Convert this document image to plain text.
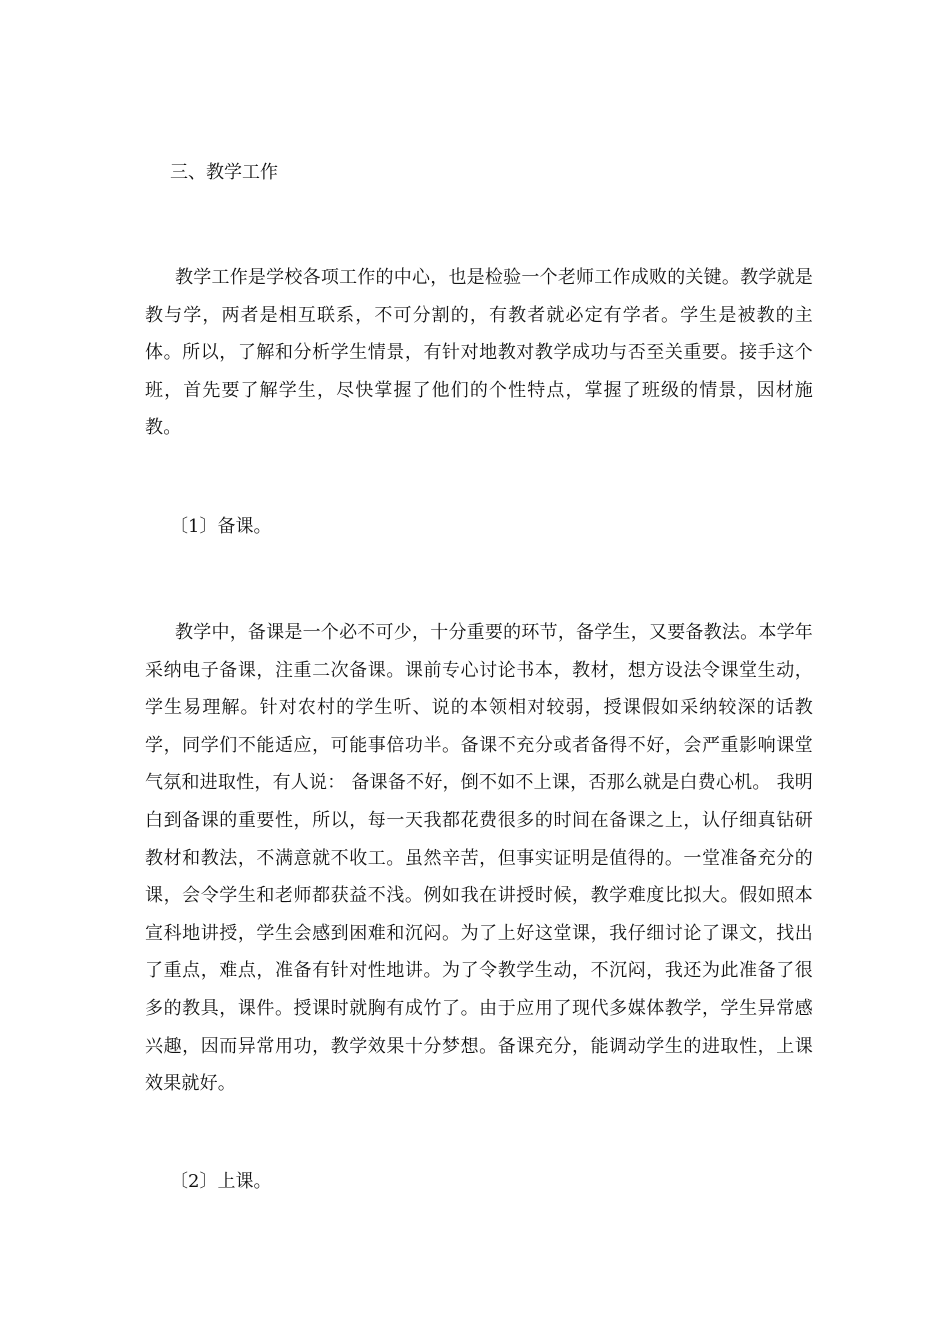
三、教学工作

教学工作是学校各项工作的中心，也是检验一个老师工作成败的关键。教学就是教与学，两者是相互联系，不可分割的，有教者就必定有学者。学生是被教的主体。所以，了解和分析学生情景，有针对地教对教学成功与否至关重要。接手这个班，首先要了解学生，尽快掌握了他们的个性特点，掌握了班级的情景，因材施教。

〔1〕备课。

教学中，备课是一个必不可少，十分重要的环节，备学生，又要备教法。本学年采纳电子备课，注重二次备课。课前专心讨论书本，教材，想方设法令课堂生动，学生易理解。针对农村的学生听、说的本领相对较弱，授课假如采纳较深的话教学，同学们不能适应，可能事倍功半。备课不充分或者备得不好，会严重影响课堂气氛和进取性，有人说： 备课备不好，倒不如不上课，否那么就是白费心机。 我明白到备课的重要性，所以，每一天我都花费很多的时间在备课之上，认仔细真钻研教材和教法，不满意就不收工。虽然辛苦，但事实证明是值得的。一堂准备充分的课，会令学生和老师都获益不浅。例如我在讲授时候，教学难度比拟大。假如照本宣科地讲授，学生会感到困难和沉闷。为了上好这堂课，我仔细讨论了课文，找出了重点，难点，准备有针对性地讲。为了令教学生动，不沉闷，我还为此准备了很多的教具，课件。授课时就胸有成竹了。由于应用了现代多媒体教学，学生异常感兴趣，因而异常用功，教学效果十分梦想。备课充分，能调动学生的进取性，上课效果就好。

〔2〕上课。
